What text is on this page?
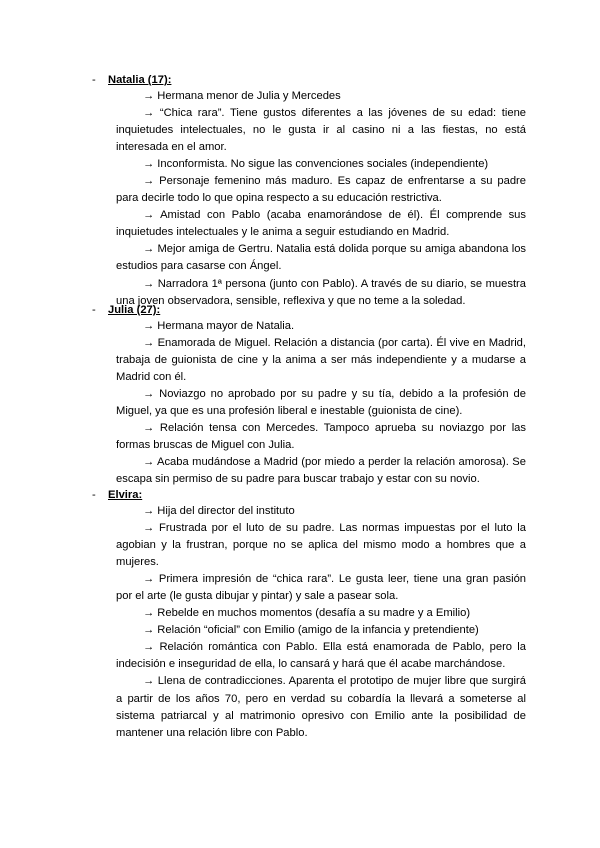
- Natalia (17):

→ Hermana menor de Julia y Mercedes

→ “Chica rara”. Tiene gustos diferentes a las jóvenes de su edad: tiene inquietudes intelectuales, no le gusta ir al casino ni a las fiestas, no está interesada en el amor.

→ Inconformista. No sigue las convenciones sociales (independiente)

→ Personaje femenino más maduro. Es capaz de enfrentarse a su padre para decirle todo lo que opina respecto a su educación restrictiva.

→ Amistad con Pablo (acaba enamorándose de él). Él comprende sus inquietudes intelectuales y le anima a seguir estudiando en Madrid.

→ Mejor amiga de Gertru. Natalia está dolida porque su amiga abandona los estudios para casarse con Ángel.

→ Narradora 1ª persona (junto con Pablo). A través de su diario, se muestra una joven observadora, sensible, reflexiva y que no teme a la soledad.

- Julia (27):

→ Hermana mayor de Natalia.

→ Enamorada de Miguel. Relación a distancia (por carta). Él vive en Madrid, trabaja de guionista de cine y la anima a ser más independiente y a mudarse a Madrid con él.

→ Noviazgo no aprobado por su padre y su tía, debido a la profesión de Miguel, ya que es una profesión liberal e inestable (guionista de cine).

→ Relación tensa con Mercedes. Tampoco aprueba su noviazgo por las formas bruscas de Miguel con Julia.

→ Acaba mudándose a Madrid (por miedo a perder la relación amorosa). Se escapa sin permiso de su padre para buscar trabajo y estar con su novio.

- Elvira:

→ Hija del director del instituto

→ Frustrada por el luto de su padre. Las normas impuestas por el luto la agobian y la frustran, porque no se aplica del mismo modo a hombres que a mujeres.

→ Primera impresión de “chica rara”. Le gusta leer, tiene una gran pasión por el arte (le gusta dibujar y pintar) y sale a pasear sola.

→ Rebelde en muchos momentos (desafía a su madre y a Emilio)

→ Relación “oficial” con Emilio (amigo de la infancia y pretendiente)

→ Relación romántica con Pablo. Ella está enamorada de Pablo, pero la indecisión e inseguridad de ella, lo cansará y hará que él acabe marchándose.

→ Llena de contradicciones. Aparenta el prototipo de mujer libre que surgirá a partir de los años 70, pero en verdad su cobardía la llevará a someterse al sistema patriarcal y al matrimonio opresivo con Emilio ante la posibilidad de mantener una relación libre con Pablo.
